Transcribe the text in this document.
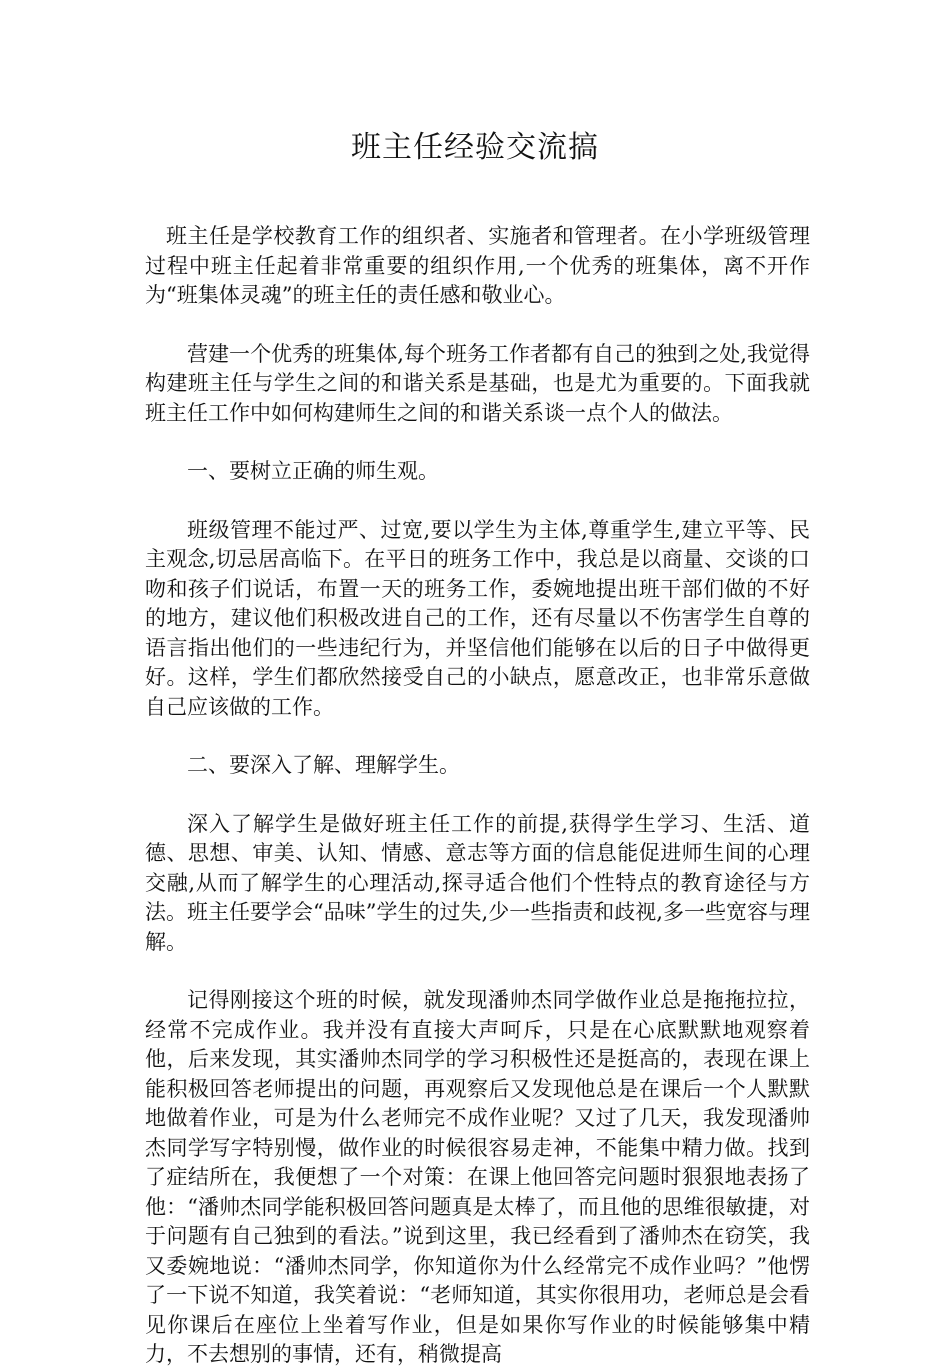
班主任经验交流搞

班主任是学校教育工作的组织者、实施者和管理者。在小学班级管理过程中班主任起着非常重要的组织作用,一个优秀的班集体，离不开作为“班集体灵魂”的班主任的责任感和敬业心。

营建一个优秀的班集体,每个班务工作者都有自己的独到之处,我觉得构建班主任与学生之间的和谐关系是基础，也是尤为重要的。下面我就班主任工作中如何构建师生之间的和谐关系谈一点个人的做法。

一、要树立正确的师生观。

班级管理不能过严、过宽,要以学生为主体,尊重学生,建立平等、民主观念,切忌居高临下。在平日的班务工作中，我总是以商量、交谈的口吻和孩子们说话，布置一天的班务工作，委婉地提出班干部们做的不好的地方，建议他们积极改进自己的工作，还有尽量以不伤害学生自尊的语言指出他们的一些违纪行为，并坚信他们能够在以后的日子中做得更好。这样，学生们都欣然接受自己的小缺点，愿意改正，也非常乐意做自己应该做的工作。

二、要深入了解、理解学生。

深入了解学生是做好班主任工作的前提,获得学生学习、生活、道德、思想、审美、认知、情感、意志等方面的信息能促进师生间的心理交融,从而了解学生的心理活动,探寻适合他们个性特点的教育途径与方法。班主任要学会“品味”学生的过失,少一些指责和歧视,多一些宽容与理解。

记得刚接这个班的时候，就发现潘帅杰同学做作业总是拖拖拉拉，经常不完成作业。我并没有直接大声呵斥，只是在心底默默地观察着他，后来发现，其实潘帅杰同学的学习积极性还是挺高的，表现在课上能积极回答老师提出的问题，再观察后又发现他总是在课后一个人默默地做着作业，可是为什么老师完不成作业呢？又过了几天，我发现潘帅杰同学写字特别慢，做作业的时候很容易走神，不能集中精力做。找到了症结所在，我便想了一个对策：在课上他回答完问题时狠狠地表扬了他：“潘帅杰同学能积极回答问题真是太棒了，而且他的思维很敏捷，对于问题有自己独到的看法。”说到这里，我已经看到了潘帅杰在窃笑，我又委婉地说：“潘帅杰同学，你知道你为什么经常完不成作业吗？”他愣了一下说不知道，我笑着说：“老师知道，其实你很用功，老师总是会看见你课后在座位上坐着写作业，但是如果你写作业的时候能够集中精力，不去想别的事情，还有，稍微提高
